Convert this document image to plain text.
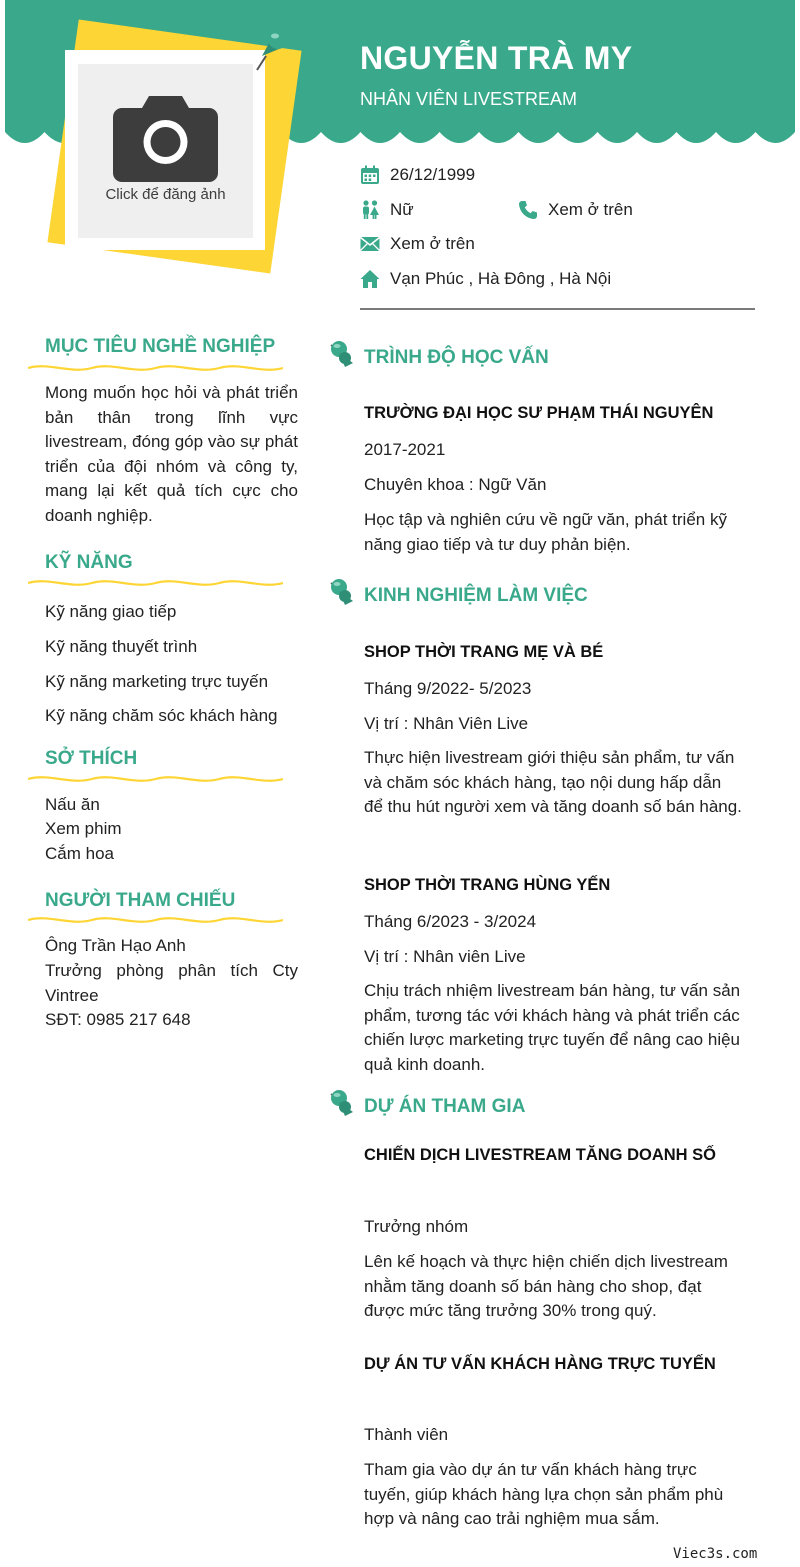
Click để đăng ảnh
NGUYỄN TRÀ MY
NHÂN VIÊN LIVESTREAM
26/12/1999
Nữ	Xem ở trên
Xem ở trên
Vạn Phúc , Hà Đông , Hà Nội
MỤC TIÊU NGHỀ NGHIỆP
Mong muốn học hỏi và phát triển bản thân trong lĩnh vực livestream, đóng góp vào sự phát triển của đội nhóm và công ty, mang lại kết quả tích cực cho doanh nghiệp.
KỸ NĂNG
Kỹ năng giao tiếp
Kỹ năng thuyết trình
Kỹ năng marketing trực tuyến
Kỹ năng chăm sóc khách hàng
SỞ THÍCH
Nấu ăn
Xem phim
Cắm hoa
NGƯỜI THAM CHIẾU
Ông Trần Hạo Anh
Trưởng phòng phân tích Cty Vintree
SĐT: 0985 217 648
TRÌNH ĐỘ HỌC VẤN
TRƯỜNG ĐẠI HỌC SƯ PHẠM THÁI NGUYÊN
2017-2021
Chuyên khoa : Ngữ Văn
Học tập và nghiên cứu về ngữ văn, phát triển kỹ năng giao tiếp và tư duy phản biện.
KINH NGHIỆM LÀM VIỆC
SHOP THỜI TRANG MẸ VÀ BÉ
Tháng 9/2022- 5/2023
Vị trí : Nhân Viên Live
Thực hiện livestream giới thiệu sản phẩm, tư vấn và chăm sóc khách hàng, tạo nội dung hấp dẫn để thu hút người xem và tăng doanh số bán hàng.
SHOP THỜI TRANG HÙNG YẾN
Tháng 6/2023 - 3/2024
Vị trí : Nhân viên Live
Chịu trách nhiệm livestream bán hàng, tư vấn sản phẩm, tương tác với khách hàng và phát triển các chiến lược marketing trực tuyến để nâng cao hiệu quả kinh doanh.
DỰ ÁN THAM GIA
CHIẾN DỊCH LIVESTREAM TĂNG DOANH SỐ
Trưởng nhóm
Lên kế hoạch và thực hiện chiến dịch livestream nhằm tăng doanh số bán hàng cho shop, đạt được mức tăng trưởng 30% trong quý.
DỰ ÁN TƯ VẤN KHÁCH HÀNG TRỰC TUYẾN
Thành viên
Tham gia vào dự án tư vấn khách hàng trực tuyến, giúp khách hàng lựa chọn sản phẩm phù hợp và nâng cao trải nghiệm mua sắm.
Viec3s.com
